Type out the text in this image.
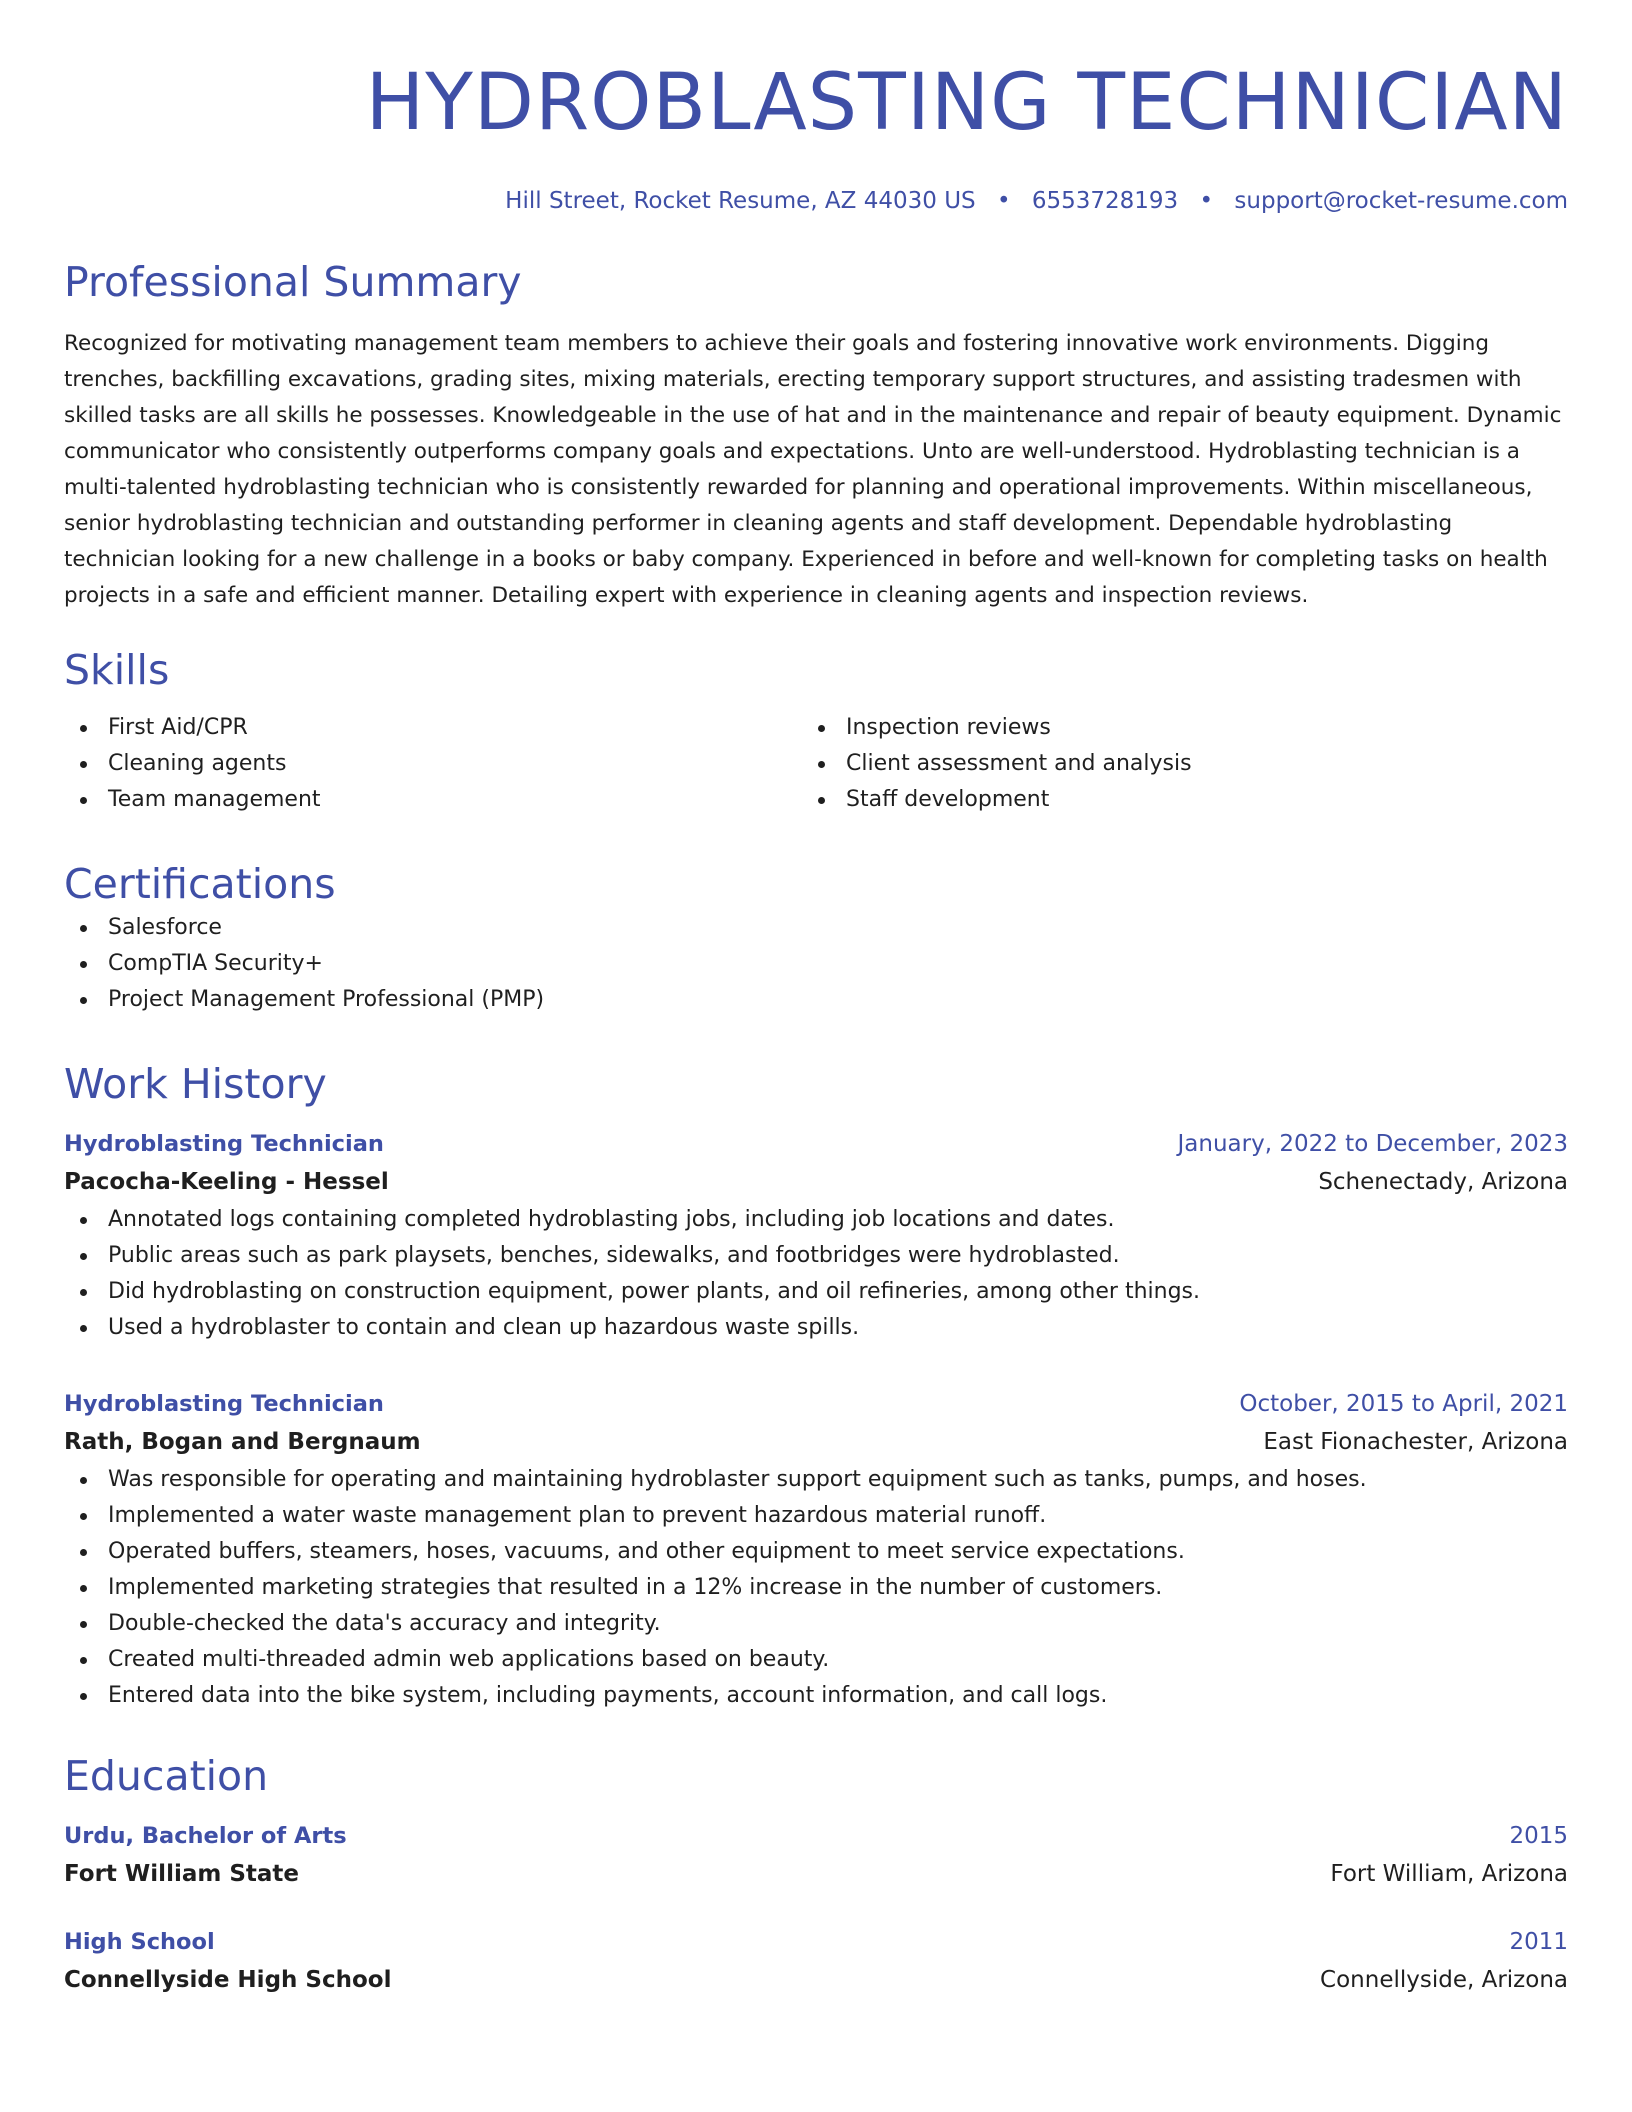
HYDROBLASTING TECHNICIAN
Hill Street, Rocket Resume, AZ 44030 US • 6553728193 • support@rocket-resume.com
Professional Summary
Recognized for motivating management team members to achieve their goals and fostering innovative work environments. Digging trenches, backfilling excavations, grading sites, mixing materials, erecting temporary support structures, and assisting tradesmen with skilled tasks are all skills he possesses. Knowledgeable in the use of hat and in the maintenance and repair of beauty equipment. Dynamic communicator who consistently outperforms company goals and expectations. Unto are well-understood. Hydroblasting technician is a multi-talented hydroblasting technician who is consistently rewarded for planning and operational improvements. Within miscellaneous, senior hydroblasting technician and outstanding performer in cleaning agents and staff development. Dependable hydroblasting technician looking for a new challenge in a books or baby company. Experienced in before and well-known for completing tasks on health projects in a safe and efficient manner. Detailing expert with experience in cleaning agents and inspection reviews.
Skills
First Aid/CPR
Cleaning agents
Team management
Inspection reviews
Client assessment and analysis
Staff development
Certifications
Salesforce
CompTIA Security+
Project Management Professional (PMP)
Work History
Hydroblasting Technician	January, 2022 to December, 2023
Pacocha-Keeling - Hessel	Schenectady, Arizona
Annotated logs containing completed hydroblasting jobs, including job locations and dates.
Public areas such as park playsets, benches, sidewalks, and footbridges were hydroblasted.
Did hydroblasting on construction equipment, power plants, and oil refineries, among other things.
Used a hydroblaster to contain and clean up hazardous waste spills.
Hydroblasting Technician	October, 2015 to April, 2021
Rath, Bogan and Bergnaum	East Fionachester, Arizona
Was responsible for operating and maintaining hydroblaster support equipment such as tanks, pumps, and hoses.
Implemented a water waste management plan to prevent hazardous material runoff.
Operated buffers, steamers, hoses, vacuums, and other equipment to meet service expectations.
Implemented marketing strategies that resulted in a 12% increase in the number of customers.
Double-checked the data's accuracy and integrity.
Created multi-threaded admin web applications based on beauty.
Entered data into the bike system, including payments, account information, and call logs.
Education
Urdu, Bachelor of Arts	2015
Fort William State	Fort William, Arizona
High School	2011
Connellyside High School	Connellyside, Arizona
